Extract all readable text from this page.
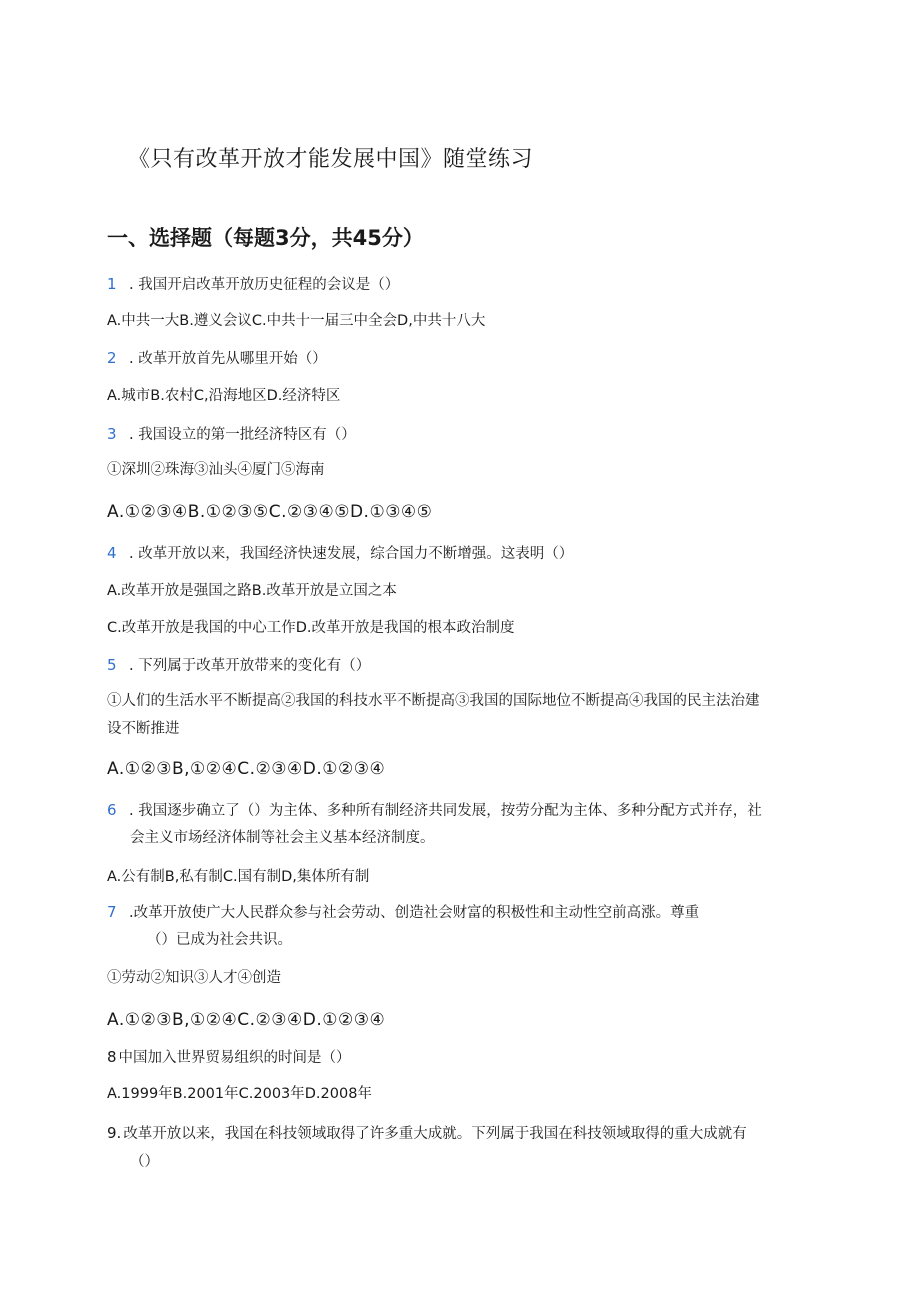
《只有改革开放才能发展中国》随堂练习
一、选择题（每题3分，共45分）
1 . 我国开启改革开放历史征程的会议是（）
A.中共一大B.遵义会议C.中共十一届三中全会D,中共十八大
2 . 改革开放首先从哪里开始（）
A.城市B.农村C,沿海地区D.经济特区
3 . 我国设立的第一批经济特区有（）
①深圳②珠海③汕头④厦门⑤海南
A.①②③④B.①②③⑤C.②③④⑤D.①③④⑤
4 . 改革开放以来，我国经济快速发展，综合国力不断增强。这表明（）
A.改革开放是强国之路B.改革开放是立国之本
C.改革开放是我国的中心工作D.改革开放是我国的根本政治制度
5 . 下列属于改革开放带来的变化有（）
①人们的生活水平不断提高②我国的科技水平不断提高③我国的国际地位不断提高④我国的民主法治建
设不断推进
A.①②③B,①②④C.②③④D.①②③④
6 . 我国逐步确立了（）为主体、多种所有制经济共同发展，按劳分配为主体、多种分配方式并存，社
会主义市场经济体制等社会主义基本经济制度。
A.公有制B,私有制C.国有制D,集体所有制
7 .改革开放使广大人民群众参与社会劳动、创造社会财富的积极性和主动性空前高涨。尊重
（）已成为社会共识。
①劳动②知识③人才④创造
A.①②③B,①②④C.②③④D.①②③④
8 中国加入世界贸易组织的时间是（）
A.1999年B.2001年C.2003年D.2008年
9. 改革开放以来，我国在科技领域取得了许多重大成就。下列属于我国在科技领域取得的重大成就有
（）
